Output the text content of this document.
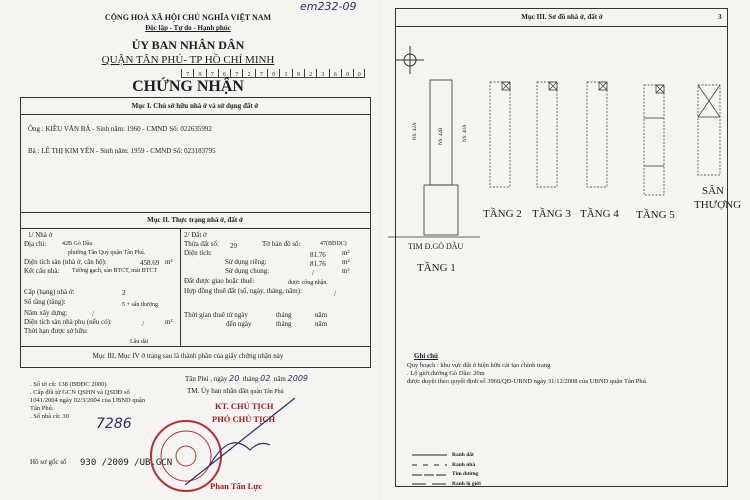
em232-09
CỘNG HOÀ XÃ HỘI CHỦ NGHĨA VIỆT NAM
Độc lập - Tự do - Hạnh phúc
ỦY BAN NHÂN DÂN
QUẬN TÂN PHÚ- TP HỒ CHÍ MINH
7	9	7	6	7	2	7	0	1	9	2	3	6	0	0
CHỨNG NHẬN
Mục I. Chủ sở hữu nhà ở và sử dụng đất ở
Ông : KIỀU VĂN BÁ - Sinh năm: 1960 - CMND Số: 022635992
Bà : LÊ THỊ KIM YẾN - Sinh năm: 1959 - CMND Số: 023183795
Mục II. Thực trạng nhà ở, đất ở
1/ Nhà ở
Địa chỉ:	42B Gò Dầu
phường Tân Quý quận Tân Phú.
Diện tích sàn (nhà ở, căn hộ):	458.69 m²
Kết cấu nhà: Tường gạch, sàn BTCT, mái BTCT
Cấp (hạng) nhà ở:	2
Số tầng (tầng):	5 + sân thượng
Năm xây dựng:	/
Diện tích sàn nhà phụ (nếu có):	/	m²
Thời hạn được sở hữu:
Lâu dài
2/ Đất ở
Thửa đất số: 29	Tờ bản đồ số:	47(BĐDC)
Diện tích:	81.76 m²
Sử dụng riêng:	81.76 m²
Sử dụng chung:	/	m²
Đất được giao hoặc thuê:	được công nhận.
Hợp đồng thuê đất (số, ngày, tháng, năm):	/
Thời gian thuê từ ngày	tháng	năm
đến ngày	tháng	năm
Mục III, Mục IV ở trang sau là thành phần của giấy chứng nhận này
. Số tờ cũ: 138 (BĐĐC 2000)
. Cấp đổi từ GCN QSHN và QSDĐ số
1041/2004 ngày 02/3/2004 của UBND quận
Tân Phú.
. Số nhà cũ: 30	7286
Hồ sơ gốc số 930 /2009 /UB.GCN
Tân Phú , ngày 20 tháng 02 năm 2009
TM. Ủy ban nhân dân quận Tân Phú
KT. CHỦ TỊCH
PHÓ CHỦ TỊCH
Phan Tấn Lực
Mục III. Sơ đồ nhà ở, đất ở	3
NS: 42A	NS: 42B	NS: 40A
TIM Đ.GÒ DẦU
TẦNG 1
TẦNG 2 TẦNG 3 TẦNG 4 TẦNG 5
SÂN
THƯỢNG
Ghi chú
Quy hoạch : khu vực đất ở hiện hữu cải tạo chỉnh trang
. Lộ giới đường Gò Dầu: 20m
được duyệt theo quyết định số 3960/QĐ-UBND ngày 31/12/2008 của UBND quận Tân Phú.
Ranh đất
Ranh nhà
Tim đường
Ranh lộ giới
